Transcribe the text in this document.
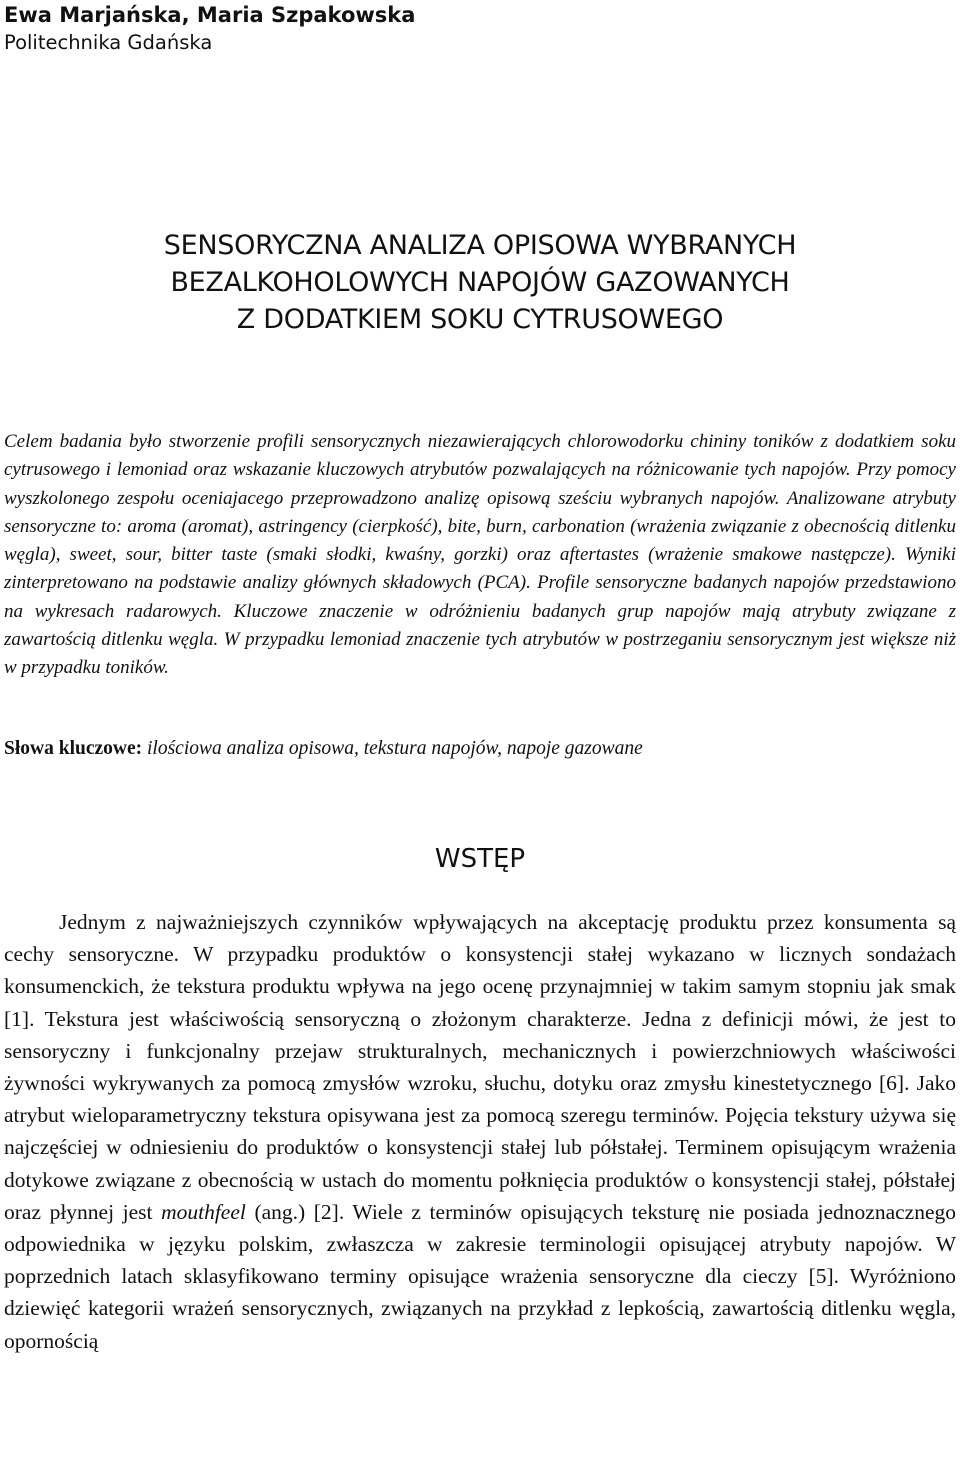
Ewa Marjańska, Maria Szpakowska
Politechnika Gdańska
SENSORYCZNA ANALIZA OPISOWA WYBRANYCH
BEZALKOHOLOWYCH NAPOJÓW GAZOWANYCH
Z DODATKIEM SOKU CYTRUSOWEGO
Celem badania było stworzenie profili sensorycznych niezawierających chlorowodorku chininy toników z dodatkiem soku cytrusowego i lemoniad oraz wskazanie kluczowych atrybutów pozwalających na różnicowanie tych napojów. Przy pomocy wyszkolonego zespołu oceniajacego przeprowadzono analizę opisową sześciu wybranych napojów. Analizowane atrybuty sensoryczne to: aroma (aromat), astringency (cierpkość), bite, burn, carbonation (wrażenia związanie z obecnością ditlenku węgla), sweet, sour, bitter taste (smaki słodki, kwaśny, gorzki) oraz aftertastes (wrażenie smakowe następcze). Wyniki zinterpretowano na podstawie analizy głównych składowych (PCA). Profile sensoryczne badanych napojów przedstawiono na wykresach radarowych. Kluczowe znaczenie w odróżnieniu badanych grup napojów mają atrybuty związane z zawartością ditlenku węgla. W przypadku lemoniad znaczenie tych atrybutów w postrzeganiu sensorycznym jest większe niż w przypadku toników.
Słowa kluczowe: ilościowa analiza opisowa, tekstura napojów, napoje gazowane
WSTĘP
Jednym z najważniejszych czynników wpływających na akceptację produktu przez konsumenta są cechy sensoryczne. W przypadku produktów o konsystencji stałej wykazano w licznych sondażach konsumenckich, że tekstura produktu wpływa na jego ocenę przynajmniej w takim samym stopniu jak smak [1]. Tekstura jest właściwością sensoryczną o złożonym charakterze. Jedna z definicji mówi, że jest to sensoryczny i funkcjonalny przejaw strukturalnych, mechanicznych i powierzchniowych właściwości żywności wykrywanych za pomocą zmysłów wzroku, słuchu, dotyku oraz zmysłu kinestetycznego [6]. Jako atrybut wieloparametryczny tekstura opisywana jest za pomocą szeregu terminów. Pojęcia tekstury używa się najczęściej w odniesieniu do produktów o konsystencji stałej lub półstałej. Terminem opisującym wrażenia dotykowe związane z obecnością w ustach do momentu połknięcia produktów o konsystencji stałej, półstałej oraz płynnej jest mouthfeel (ang.) [2]. Wiele z terminów opisujących teksturę nie posiada jednoznacznego odpowiednika w języku polskim, zwłaszcza w zakresie terminologii opisującej atrybuty napojów. W poprzednich latach sklasyfikowano terminy opisujące wrażenia sensoryczne dla cieczy [5]. Wyróżniono dziewięć kategorii wrażeń sensorycznych, związanych na przykład z lepkością, zawartością ditlenku węgla, opornością
